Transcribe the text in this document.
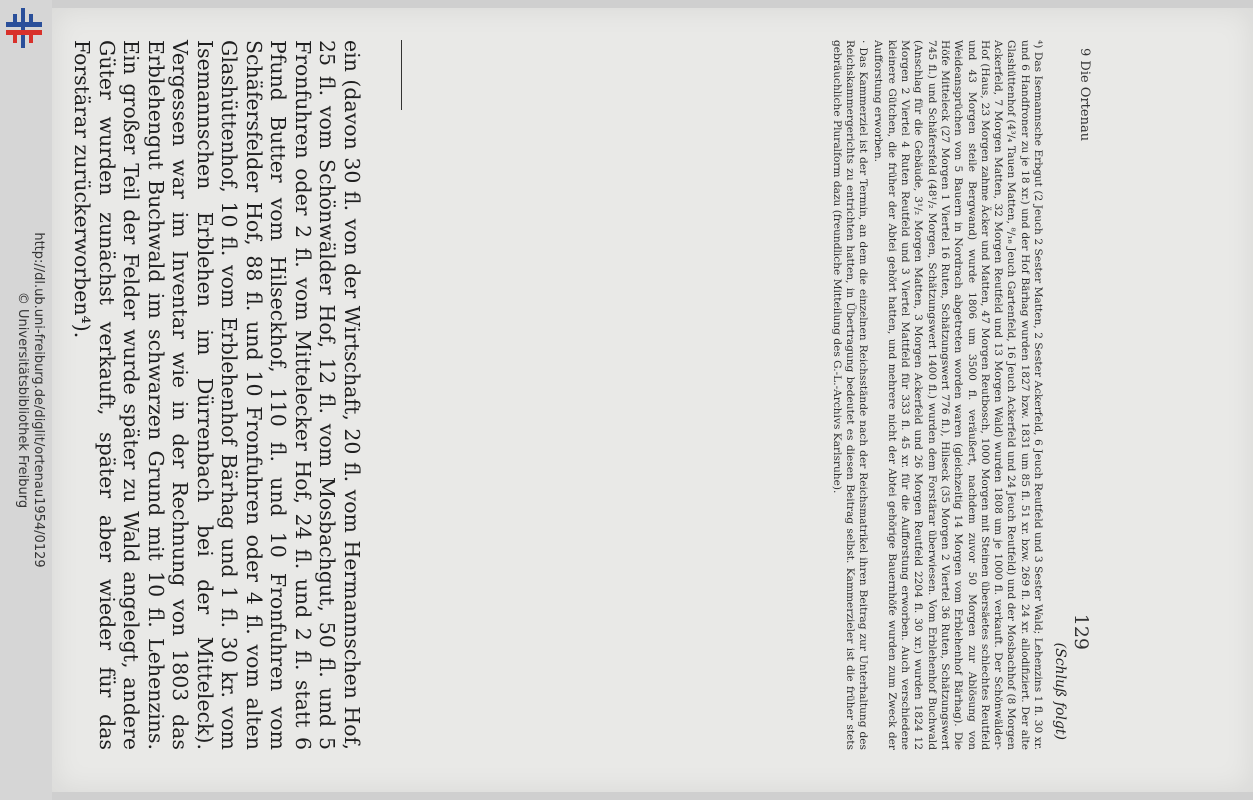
http://dl.ub.uni-freiburg.de/diglit/ortenau1954/0129
© Universitätsbibliothek Freiburg
9 Die Ortenau
129
(Schluß folgt)

⁴) Das Isemannsche Erbgut (2 Jeuch 2 Sester Matten, 2 Sester Ackerfeld, 6 Jeuch Reutfeld und 3 Sester Wald; Lehenzins 1 fl. 30 xr. und 6 Handfroner zu je 18 xr.) und der Hof Bärhag wurden 1827 bzw. 1831 um 85 fl. 51 xr. bzw. 269 fl. 24 xr. allodifiziert. Der alte Glashüttenhof (4³/₄ Tauen Matten, ⁸/₁₆ Jeuch Gartenfeld, 16 Jeuch Ackerfeld und 24 Jeuch Reutfeld) und der Mosbachhof (8 Morgen Ackerfeld, 7 Morgen Matten, 32 Morgen Reutfeld und 13 Morgen Wald) wurden 1808 um je 1000 fl. verkauft. Der Schönwälder-Hof (Haus, 23 Morgen zahme Äcker und Matten, 47 Morgen Reutbosch, 1000 Morgen mit Steinen übersäetes schlechtes Reutfeld und 43 Morgen steile Bergwand) wurde 1806 um 3500 fl. veräußert, nachdem zuvor 50 Morgen zur Ablösung von Weideansprüchen von 5 Bauern in Nordrach abgetreten worden waren (gleichzeitig 14 Morgen vom Erblehenhof Bärhag). Die Höfe Mitteleck (27 Morgen 1 Viertel 16 Ruten, Schätzungswert 776 fl.), Hilseck (35 Morgen 2 Viertel 36 Ruten, Schätzungswert 745 fl.) und Schäfersfeld (48¹/₂ Morgen, Schätzungswert 1400 fl.) wurden dem Forstärar überwiesen. Vom Erblehenhof Buchwald (Anschlag für die Gebäude, 3¹/₂ Morgen Matten, 3 Morgen Ackerfeld und 26 Morgen Reutfeld 2204 fl. 30 xr.) wurden 1824 12 Morgen 2 Viertel 4 Ruten Reutfeld und 3 Viertel Mattfeld für 333 fl. 45 xr. für die Aufforstung erworben. Auch verschiedene kleinere Gütchen, die früher der Abtei gehört hatten, und mehrere nicht der Abtei gehörige Bauernhöfe wurden zum Zweck der Aufforstung erworben.

· Das Kammerziel ist der Termin, an dem die einzelnen Reichsstände nach der Reichsmatrikel ihren Beitrag zur Unterhaltung des Reichskammergerichts zu entrichten hatten, in Übertragung bedeutet es diesen Beitrag selbst. Kammerzieler ist die früher stets gebräuchliche Pluralform dazu (freundliche Mitteilung des G.-L.-Archivs Karlsruhe).

ein (davon 30 fl. von der Wirtschaft, 20 fl. vom Hermannschen Hof, 25 fl. vom Schönwälder Hof, 12 fl. vom Mosbachgut, 50 fl. und 5 Fronfuhren oder 2 fl. vom Mittelecker Hof, 24 fl. und 2 fl. statt 6 Pfund Butter vom Hilseckhof, 110 fl. und 10 Fronfuhren vom Schäfersfelder Hof, 88 fl. und 10 Fronfuhren oder 4 fl. vom alten Glashüttenhof, 10 fl. vom Erblehenhof Bärhag und 1 fl. 30 kr. vom Isemannschen Erblehen im Dürrenbach bei der Mitteleck). Vergessen war im Inventar wie in der Rechnung von 1803 das Erblehengut Buchwald im schwarzen Grund mit 10 fl. Lehenzins. Ein großer Teil der Felder wurde später zu Wald angelegt, andere Güter wurden zunächst verkauft, später aber wieder für das Forstärar zurückerworben⁴).
